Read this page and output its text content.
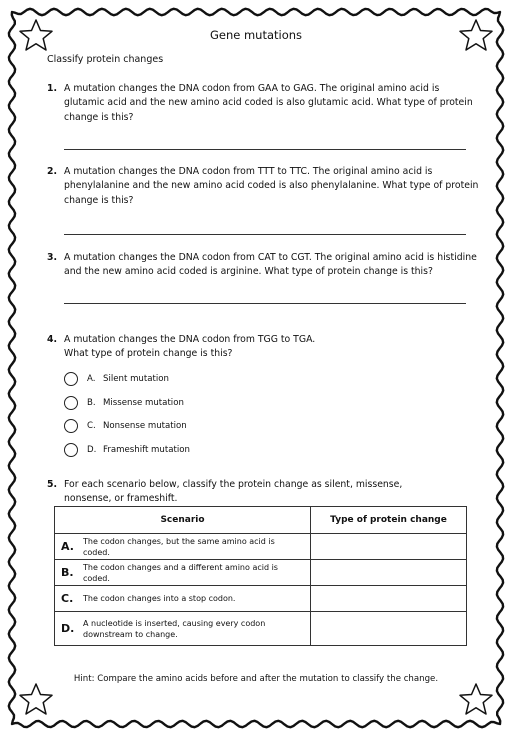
Gene mutations
Classify protein changes
1. A mutation changes the DNA codon from GAA to GAG. The original amino acid is glutamic acid and the new amino acid coded is also glutamic acid. What type of protein change is this?
2. A mutation changes the DNA codon from TTT to TTC. The original amino acid is phenylalanine and the new amino acid coded is also phenylalanine. What type of protein change is this?
3. A mutation changes the DNA codon from CAT to CGT. The original amino acid is histidine and the new amino acid coded is arginine. What type of protein change is this?
4. A mutation changes the DNA codon from TGG to TGA.
What type of protein change is this?
A. Silent mutation
B. Missense mutation
C. Nonsense mutation
D. Frameshift mutation
5. For each scenario below, classify the protein change as silent, missense, nonsense, or frameshift.
Scenario	Type of protein change
A. The codon changes, but the same amino acid is coded.	
B. The codon changes and a different amino acid is coded.	
C. The codon changes into a stop codon.	
D. A nucleotide is inserted, causing every codon downstream to change.	
Hint: Compare the amino acids before and after the mutation to classify the change.
